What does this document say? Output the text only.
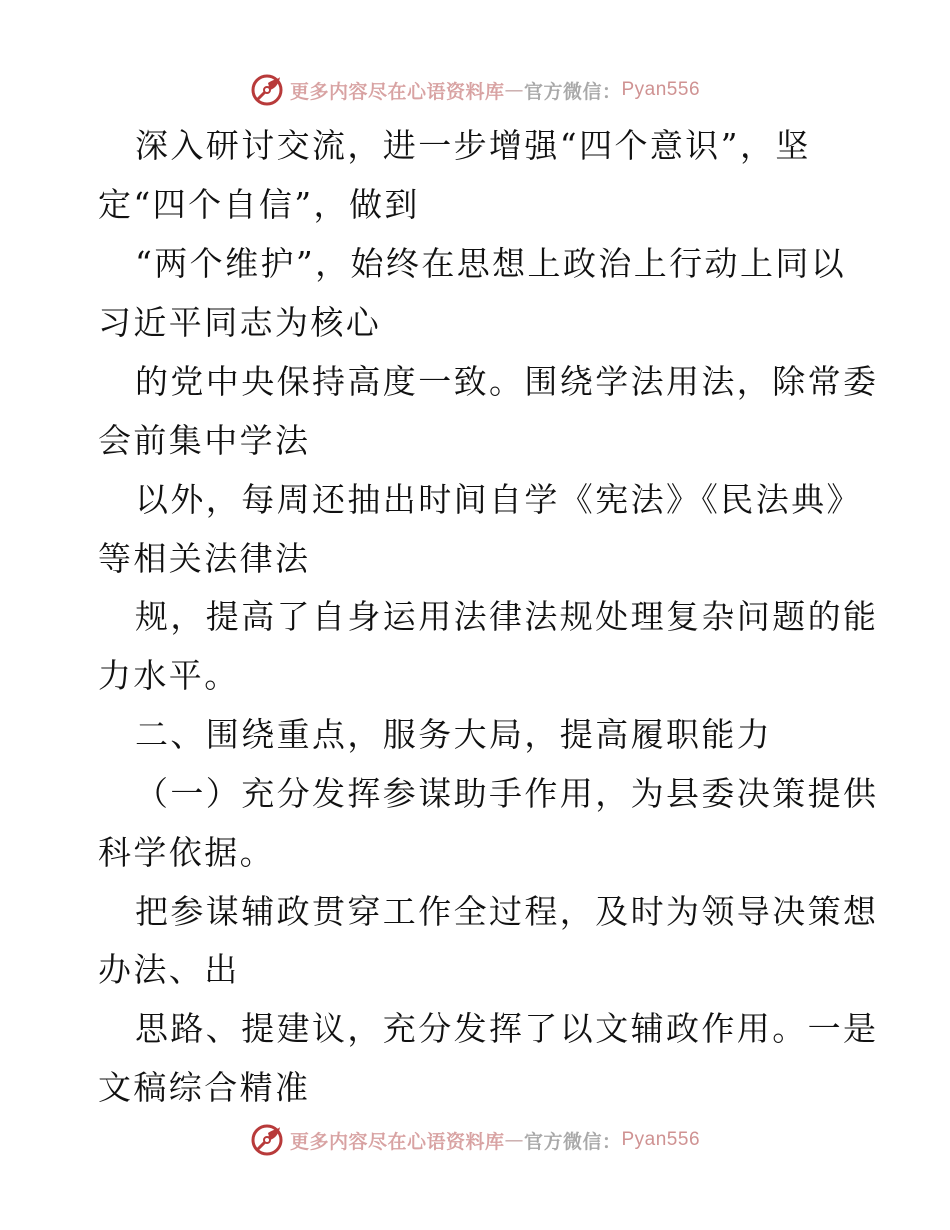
更多内容尽在心语资料库 — 官方微信： Pyan556
深入研讨交流，进一步增强“四个意识”，坚
定“四个自信”，做到
“两个维护”，始终在思想上政治上行动上同以
习近平同志为核心
的党中央保持高度一致。围绕学法用法，除常委
会前集中学法
以外，每周还抽出时间自学《宪法》《民法典》
等相关法律法
规，提高了自身运用法律法规处理复杂问题的能
力水平。
二、围绕重点，服务大局，提高履职能力
（一）充分发挥参谋助手作用，为县委决策提供
科学依据。
把参谋辅政贯穿工作全过程，及时为领导决策想
办法、出
思路、提建议，充分发挥了以文辅政作用。一是
文稿综合精准
更多内容尽在心语资料库 — 官方微信： Pyan556
